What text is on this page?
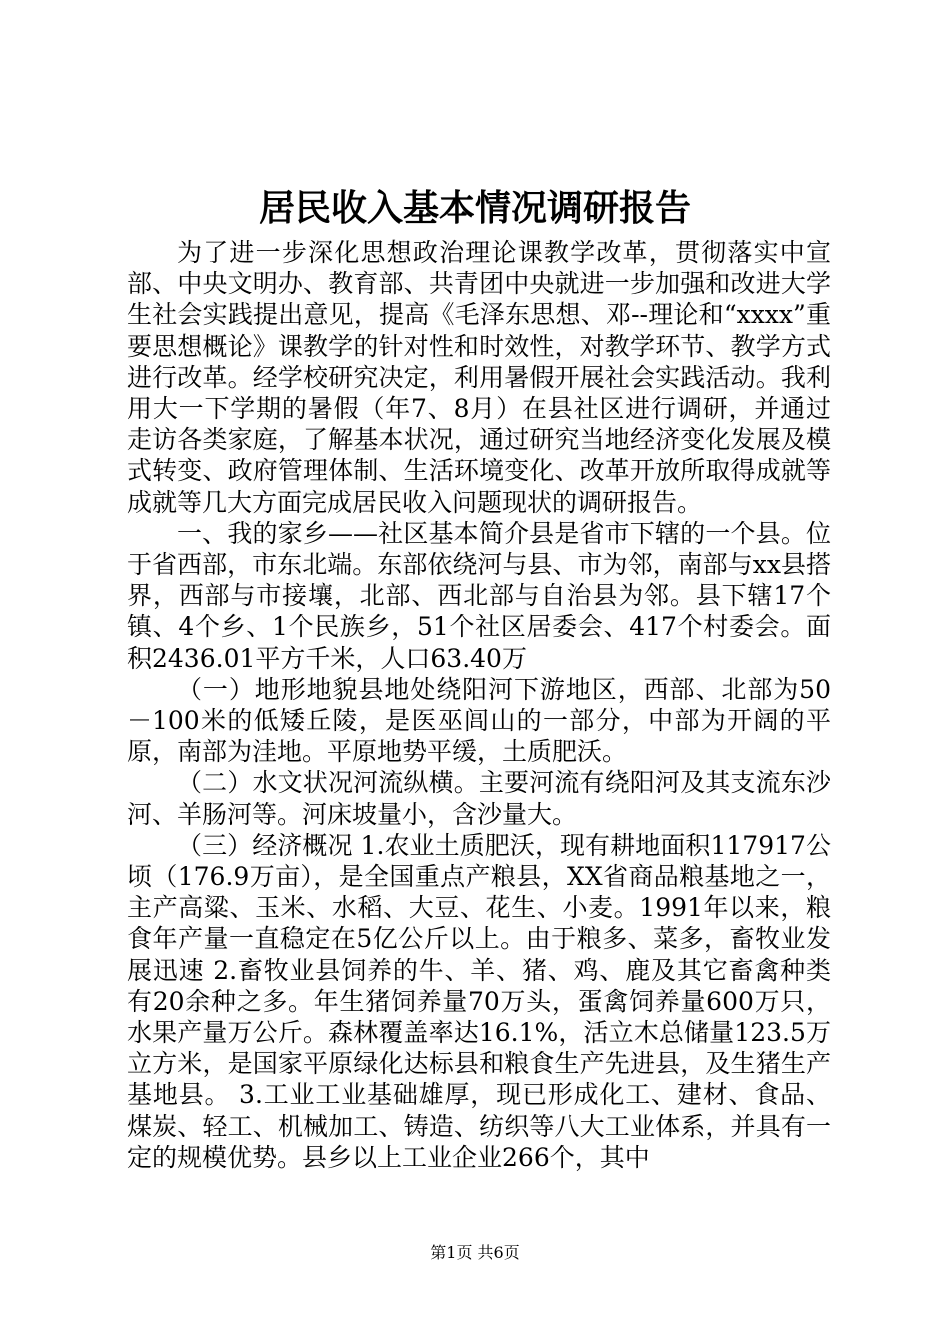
居民收入基本情况调研报告

为了进一步深化思想政治理论课教学改革，贯彻落实中宣部、中央文明办、教育部、共青团中央就进一步加强和改进大学生社会实践提出意见，提高《毛泽东思想、邓--理论和“xxxx”重要思想概论》课教学的针对性和时效性，对教学环节、教学方式进行改革。经学校研究决定，利用暑假开展社会实践活动。我利用大一下学期的暑假（年7、8月）在县社区进行调研，并通过走访各类家庭，了解基本状况，通过研究当地经济变化发展及模式转变、政府管理体制、生活环境变化、改革开放所取得成就等成就等几大方面完成居民收入问题现状的调研报告。

一、我的家乡——社区基本简介县是省市下辖的一个县。位于省西部，市东北端。东部依绕河与县、市为邻，南部与xx县搭界，西部与市接壤，北部、西北部与自治县为邻。县下辖17个镇、4个乡、1个民族乡，51个社区居委会、417个村委会。面积2436.01平方千米，人口63.40万

（一）地形地貌县地处绕阳河下游地区，西部、北部为50－100米的低矮丘陵，是医巫闾山的一部分，中部为开阔的平原，南部为洼地。平原地势平缓，土质肥沃。

（二）水文状况河流纵横。主要河流有绕阳河及其支流东沙河、羊肠河等。河床坡量小，含沙量大。

（三）经济概况 1.农业土质肥沃，现有耕地面积117917公顷（176.9万亩），是全国重点产粮县，XX省商品粮基地之一，主产高粱、玉米、水稻、大豆、花生、小麦。1991年以来，粮食年产量一直稳定在5亿公斤以上。由于粮多、菜多，畜牧业发展迅速 2.畜牧业县饲养的牛、羊、猪、鸡、鹿及其它畜禽种类有20余种之多。年生猪饲养量70万头，蛋禽饲养量600万只，水果产量万公斤。森林覆盖率达16.1%，活立木总储量123.5万立方米，是国家平原绿化达标县和粮食生产先进县，及生猪生产基地县。 3.工业工业基础雄厚，现已形成化工、建材、食品、煤炭、轻工、机械加工、铸造、纺织等八大工业体系，并具有一定的规模优势。县乡以上工业企业266个，其中

第1页 共6页
